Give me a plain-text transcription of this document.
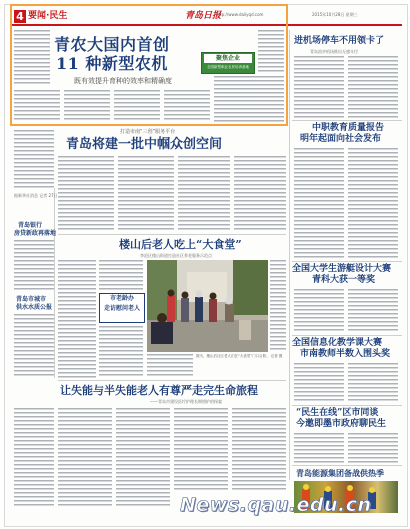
4 要闻·民生	青岛日报
http://www.dailyqd.com	2015年10月28日 星期三
青农大国内首创
11 种新型农机
既有效提升育种的效率和精确度
聚焦企业
全国新型职业农民培训基地
进机场停车不用领卡了
青岛流亭机场推出无感支付
中职教育质量报告
明年起面向社会发布
全国大学生游艇设计大赛
青科大获一等奖
全国信息化教学课大赛
市南教师半数入围头奖
“民生在线”区市同谈
今邀即墨市政府聊民生
青岛能源集团备战供热季
打造市南“三创”服务平台
青岛将建一批中帼众创空间
楼山后老人吃上“大食堂”
李沧区楼山街道打造社区养老服务示范点
市老龄办
走访慰问老人
图为，楼山后社区老人们在“大食堂”门口合影。 记者 摄
让失能与半失能老人有尊严走完生命旅程
——青岛市建设医疗护理长期照护的探索
据新华社消息 记者 27日
青岛银行
房贷新政再落地
青岛市城市
供水水质公报
News.qau.edu.cn
